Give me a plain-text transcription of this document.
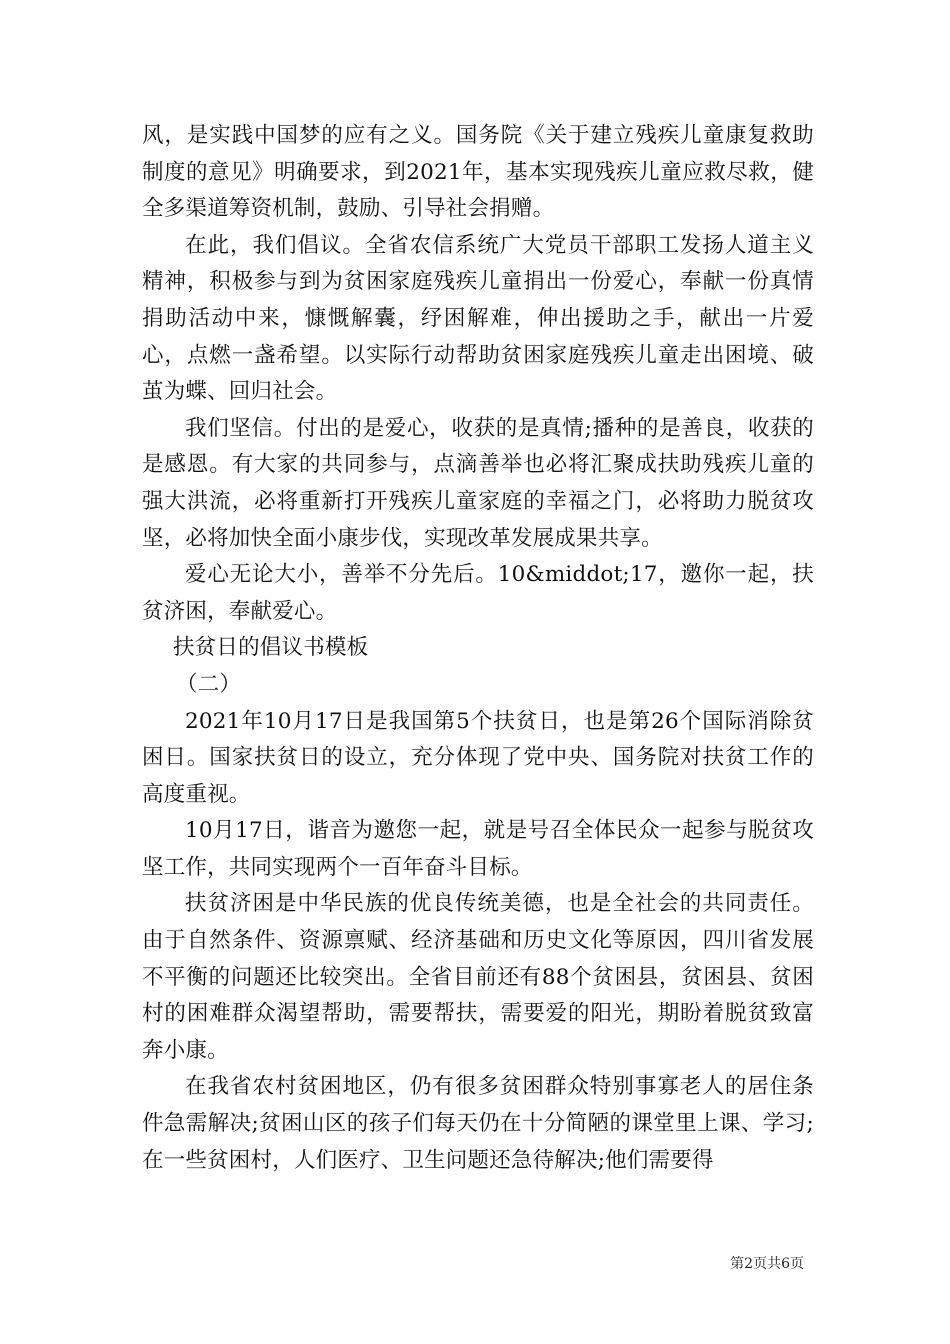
风，是实践中国梦的应有之义。国务院《关于建立残疾儿童康复救助制度的意见》明确要求，到2021年，基本实现残疾儿童应救尽救，健全多渠道筹资机制，鼓励、引导社会捐赠。

在此，我们倡议。全省农信系统广大党员干部职工发扬人道主义精神，积极参与到为贫困家庭残疾儿童捐出一份爱心，奉献一份真情捐助活动中来，慷慨解囊，纾困解难，伸出援助之手，献出一片爱心，点燃一盏希望。以实际行动帮助贫困家庭残疾儿童走出困境、破茧为蝶、回归社会。

我们坚信。付出的是爱心，收获的是真情;播种的是善良，收获的是感恩。有大家的共同参与，点滴善举也必将汇聚成扶助残疾儿童的强大洪流，必将重新打开残疾儿童家庭的幸福之门，必将助力脱贫攻坚，必将加快全面小康步伐，实现改革发展成果共享。

爱心无论大小，善举不分先后。10&middot;17，邀你一起，扶贫济困，奉献爱心。

扶贫日的倡议书模板

（二）

2021年10月17日是我国第5个扶贫日，也是第26个国际消除贫困日。国家扶贫日的设立，充分体现了党中央、国务院对扶贫工作的高度重视。

10月17日，谐音为邀您一起，就是号召全体民众一起参与脱贫攻坚工作，共同实现两个一百年奋斗目标。

扶贫济困是中华民族的优良传统美德，也是全社会的共同责任。由于自然条件、资源禀赋、经济基础和历史文化等原因，四川省发展不平衡的问题还比较突出。全省目前还有88个贫困县，贫困县、贫困村的困难群众渴望帮助，需要帮扶，需要爱的阳光，期盼着脱贫致富奔小康。

在我省农村贫困地区，仍有很多贫困群众特别事寡老人的居住条件急需解决;贫困山区的孩子们每天仍在十分简陋的课堂里上课、学习;在一些贫困村，人们医疗、卫生问题还急待解决;他们需要得

第2页共6页
